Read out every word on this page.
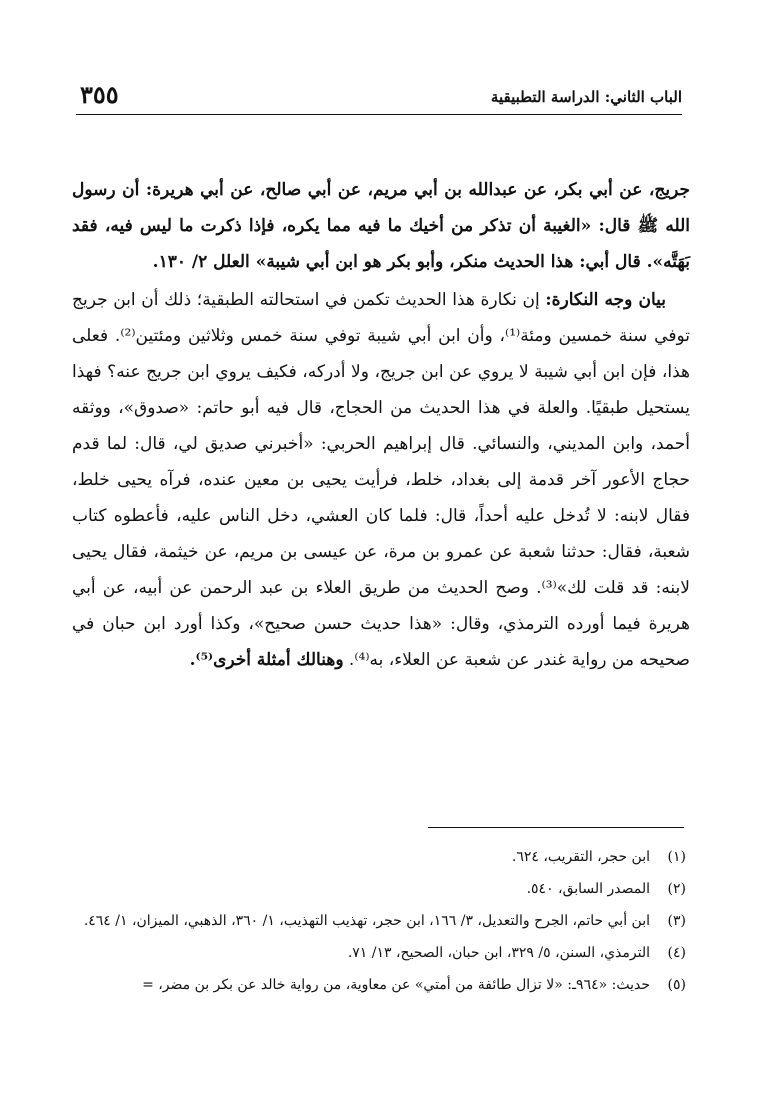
الباب الثاني: الدراسة التطبيقية
٣٥٥

جريج، عن أبي بكر، عن عبدالله بن أبي مريم، عن أبي صالح، عن أبي هريرة: أن رسول الله ﷺ قال: «الغيبة أن تذكر من أخيك ما فيه مما يكره، فإذا ذكرت ما ليس فيه، فقد بَهَتَّه». قال أبي: هذا الحديث منكر، وأبو بكر هو ابن أبي شيبة» العلل ٢/ ١٣٠.

بيان وجه النكارة: إن نكارة هذا الحديث تكمن في استحالته الطبقية؛ ذلك أن ابن جريج توفي سنة خمسين ومئة⁽¹⁾، وأن ابن أبي شيبة توفي سنة خمس وثلاثين ومئتين⁽²⁾. فعلى هذا، فإن ابن أبي شيبة لا يروي عن ابن جريج، ولا أدركه، فكيف يروي ابن جريج عنه؟ فهذا يستحيل طبقيًا. والعلة في هذا الحديث من الحجاج، قال فيه أبو حاتم: «صدوق»، ووثقه أحمد، وابن المديني، والنسائي. قال إبراهيم الحربي: «أخبرني صديق لي، قال: لما قدم حجاج الأعور آخر قدمة إلى بغداد، خلط، فرأيت يحيى بن معين عنده، فرآه يحيى خلط، فقال لابنه: لا تُدخل عليه أحداً، قال: فلما كان العشي، دخل الناس عليه، فأعطوه كتاب شعبة، فقال: حدثنا شعبة عن عمرو بن مرة، عن عيسى بن مريم، عن خيثمة، فقال يحيى لابنه: قد قلت لك»⁽³⁾. وصح الحديث من طريق العلاء بن عبد الرحمن عن أبيه، عن أبي هريرة فيما أورده الترمذي، وقال: «هذا حديث حسن صحيح»، وكذا أورد ابن حبان في صحيحه من رواية غندر عن شعبة عن العلاء، به⁽⁴⁾. وهنالك أمثلة أخرى⁽⁵⁾.

(١)
ابن حجر، التقريب، ٦٢٤.

(٢)
المصدر السابق، ٥٤٠.

(٣)
ابن أبي حاتم، الجرح والتعديل، ٣/ ١٦٦، ابن حجر، تهذيب التهذيب، ١/ ٣٦٠، الذهبي، الميزان، ١/ ٤٦٤.

(٤)
الترمذي، السنن، ٥/ ٣٢٩، ابن حبان، الصحيح، ١٣/ ٧١.

(٥)
حديث: «٩٦٤ـ: «لا تزال طائفة من أمتي» عن معاوية، من رواية خالد عن بكر بن مضر، =
